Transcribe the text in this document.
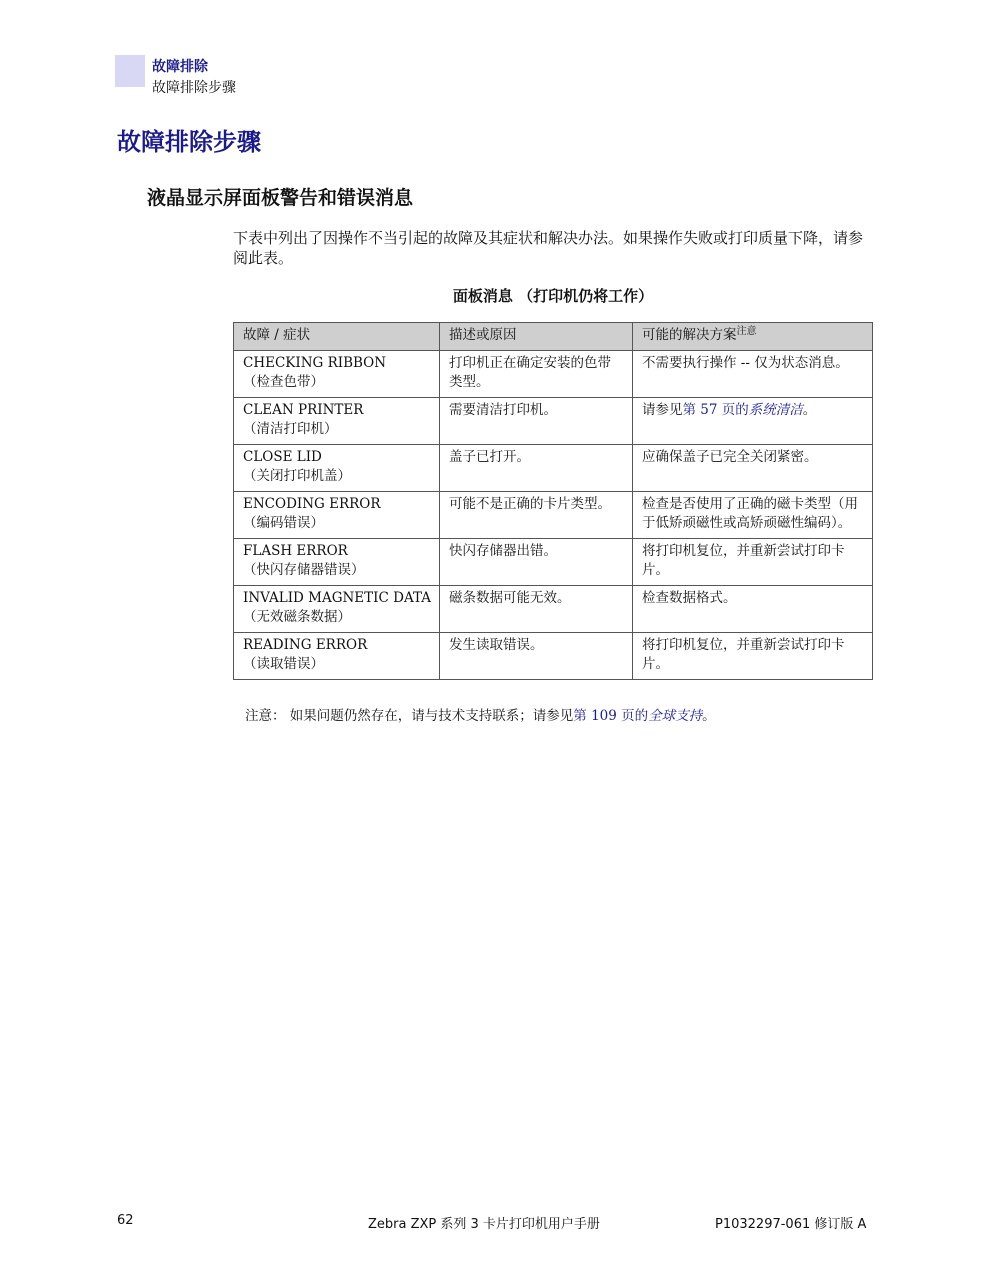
故障排除
故障排除步骤
故障排除步骤
液晶显示屏面板警告和错误消息

下表中列出了因操作不当引起的故障及其症状和解决办法。如果操作失败或打印质量下降，请参阅此表。

面板消息 （打印机仍将工作）

故障 / 症状	描述或原因	可能的解决方案$^{注意}$

CHECKING RIBBON
（检查色带）	打印机正在确定安装的色带类型。	不需要执行操作 -- 仅为状态消息。

CLEAN PRINTER
（清洁打印机）	需要清洁打印机。	请参见第 57 页的系统清洁。

CLOSE LID
（关闭打印机盖）	盖子已打开。	应确保盖子已完全关闭紧密。

ENCODING ERROR
（编码错误）	可能不是正确的卡片类型。	检查是否使用了正确的磁卡类型（用于低矫顽磁性或高矫顽磁性编码）。

FLASH ERROR
（快闪存储器错误）	快闪存储器出错。	将打印机复位，并重新尝试打印卡片。

INVALID MAGNETIC DATA
（无效磁条数据）	磁条数据可能无效。	检查数据格式。

READING ERROR
（读取错误）	发生读取错误。	将打印机复位，并重新尝试打印卡片。

注意： 如果问题仍然存在，请与技术支持联系；请参见第 109 页的全球支持。

62	Zebra ZXP 系列 3 卡片打印机用户手册	P1032297-061 修订版 A
